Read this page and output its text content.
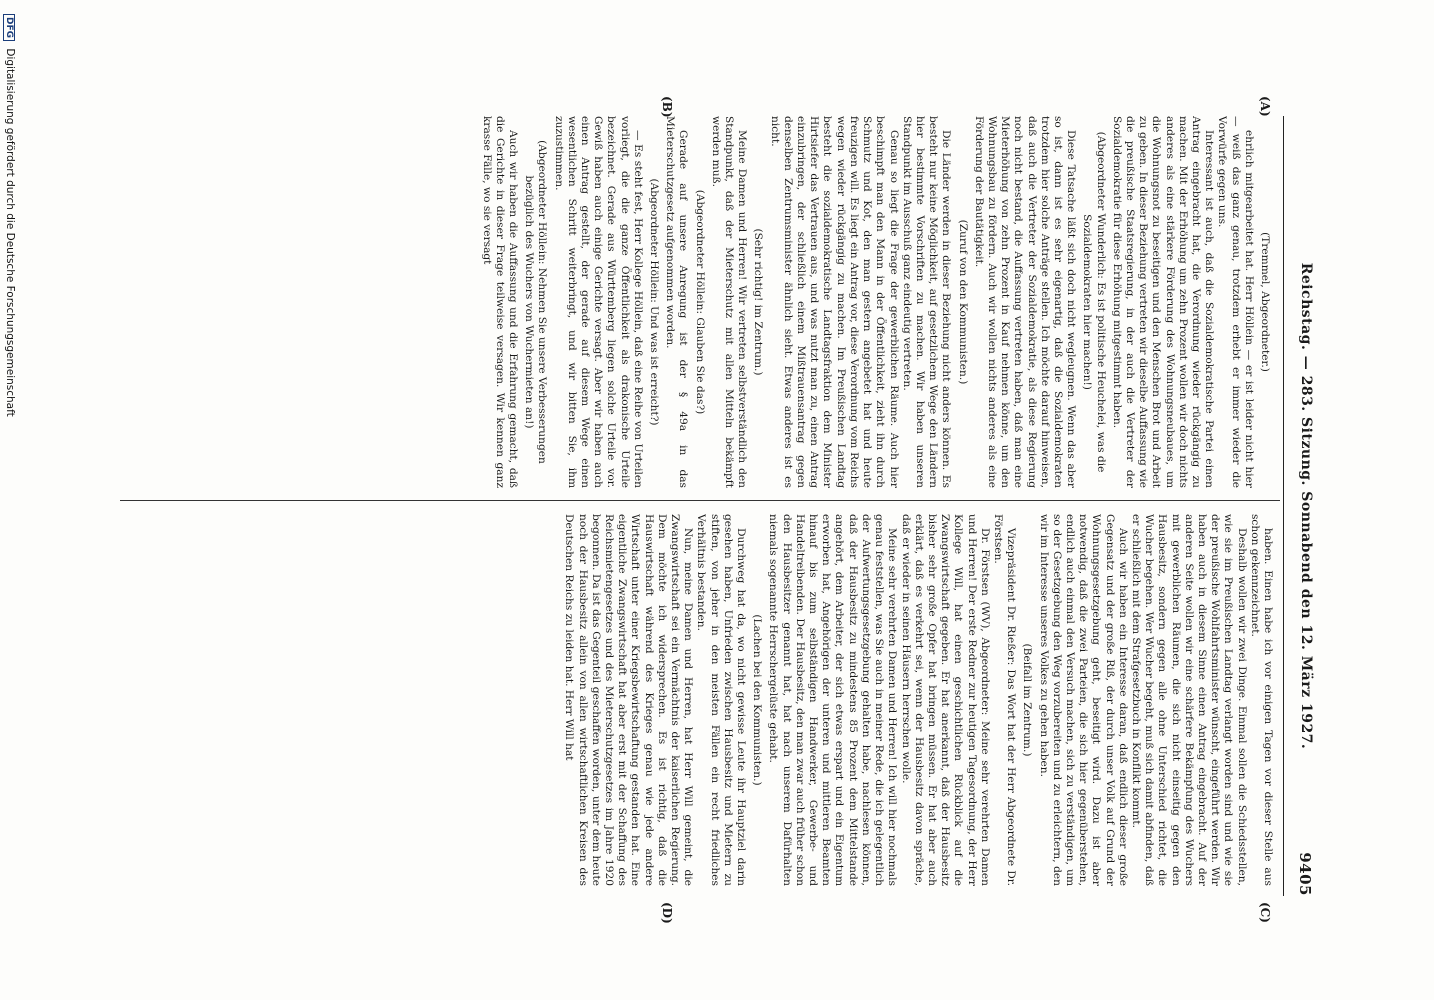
Reichstag. — 283. Sitzung. Sonnabend den 12. März 1927.
9405
(A)
(B)
(C)
(D)

(Tremmel, Abgeordneter.)

ehrlich mitgearbeitet hat. Herr Höllein — er ist leider nicht hier — weiß das ganz genau, trotzdem erhebt er immer wieder die Vorwürfe gegen uns.

Interessant ist auch, daß die Sozialdemokratische Partei einen Antrag eingebracht hat, die Verordnung wieder rückgängig zu machen. Mit der Erhöhung um zehn Prozent wollen wir doch nichts anderes als eine stärkere Förderung des Wohnungsneubaues, um die Wohnungsnot zu beseitigen und den Menschen Brot und Arbeit zu geben. In dieser Beziehung vertreten wir dieselbe Auffassung wie die preußische Staatsregierung, in der auch die Vertreter der Sozialdemokratie für diese Erhöhung mitgestimmt haben.

(Abgeordneter Wunderlich: Es ist politische Heuchelei, was die Sozialdemokraten hier machen!)

Diese Tatsache läßt sich doch nicht wegleugnen. Wenn das aber so ist, dann ist es sehr eigenartig, daß die Sozialdemokraten trotzdem hier solche Anträge stellen. Ich möchte darauf hinweisen, daß auch die Vertreter der Sozialdemokratie, als diese Regierung noch nicht bestand, die Auffassung vertreten haben, daß man eine Mieterhöhung von zehn Prozent in Kauf nehmen könne, um den Wohnungsbau zu fördern. Auch wir wollen nichts anderes als eine Förderung der Bautätigkeit.

(Zuruf von den Kommunisten.)

Die Länder werden in dieser Beziehung nicht anders können. Es besteht nur keine Möglichkeit, auf gesetzlichem Wege den Ländern hier bestimmte Vorschriften zu machen. Wir haben unseren Standpunkt im Ausschuß ganz eindeutig vertreten.

Genau so liegt die Frage der gewerblichen Räume. Auch hier beschimpft man den Mann in der Öffentlichkeit, zieht ihn durch Schmutz und Kot, den man gestern angebetet hat und heute freuzigen will. Es liegt ein Antrag vor, diese Verordnung vom Reichs wegen wieder rückgängig zu machen. Im Preußischen Landtag besteht die sozialdemokratische Landtagsfraktion dem Minister Hirtsiefer das Vertrauen aus, und was nutzt man zu, einen Antrag einzubringen, der schließlich einem Mißtrauensantrag gegen denselben Zentrumsminister ähnlich sieht. Etwas anderes ist es nicht.

(Sehr richtig! im Zentrum.)

Meine Damen und Herren! Wir vertreten selbstverständlich den Standpunkt, daß der Mieterschutz mit allen Mitteln bekämpft werden muß.

(Abgeordneter Höllein: Glauben Sie das?)

Gerade auf unsere Anregung ist der § 49a in das Mieterschutzgesetz aufgenommen worden.

(Abgeordneter Höllein: Und was ist erreicht?)

— Es steht fest, Herr Kollege Höllein, daß eine Reihe von Urteilen vorliegt, die die ganze Öffentlichkeit als drakonische Urteile bezeichnet. Gerade aus Württemberg liegen solche Urteile vor. Gewiß haben auch einige Gerichte versagt. Aber wir haben auch einen Antrag gestellt, der gerade auf diesem Wege einen wesentlichen Schritt weiterbringt, und wir bitten Sie, ihm zuzustimmen.

(Abgeordneter Höllein: Nehmen Sie unsere Verbesserungen bezüglich des Wuchers von Wuchermieten an!)

Auch wir haben die Auffassung und die Erfahrung gemacht, daß die Gerichte in dieser Frage teilweise versagen. Wir kennen ganz krasse Fälle, wo sie versagt

haben. Einen habe ich vor einigen Tagen vor dieser Stelle aus schon gekennzeichnet.

Deshalb wollen wir zwei Dinge. Einmal sollen die Schiedsstellen, wie sie im Preußischen Landtag verlangt worden sind und wie sie der preußische Wohlfahrtsminister wünscht, eingeführt werden. Wir haben auch in diesem Sinne einen Antrag eingebracht. Auf der anderen Seite wollen wir eine schärfere Bekämpfung des Wuchers mit gewerblichen Räumen, die sich nicht einseitig gegen den Hausbesitz, sondern gegen alle ohne Unterschied richtet, die Wucher begehen. Wer Wucher begeht, muß sich damit abfinden, daß er schließlich mit dem Strafgesetzbuch in Konflikt kommt.

Auch wir haben ein Interesse daran, daß endlich dieser große Gegensatz und der große Riß, der durch unser Volk auf Grund der Wohnungsgesetzgebung geht, beseitigt wird. Dazu ist aber notwendig, daß die zwei Parteien, die sich hier gegenüberstehen, endlich auch einmal den Versuch machen, sich zu verständigen, um so der Gesetzgebung den Weg vorzubereiten und zu erleichtern, den wir im Interesse unseres Volkes zu gehen haben.

(Beifall im Zentrum.)

Vizepräsident Dr. Rießer: Das Wort hat der Herr Abgeordnete Dr. Förstsen.

Dr. Förstsen (WV), Abgeordneter: Meine sehr verehrten Damen und Herren! Der erste Redner zur heutigen Tagesordnung, der Herr Kollege Will, hat einen geschichtlichen Rückblick auf die Zwangswirtschaft gegeben. Er hat anerkannt, daß der Hausbesitz bisher sehr große Opfer hat bringen müssen. Er hat aber auch erklärt, daß es verkehrt sei, wenn der Hausbesitz davon spräche, daß er wieder in seinen Häusern herrschen wolle.

Meine sehr verehrten Damen und Herren! Ich will hier nochmals genau feststellen, was Sie auch in meiner Rede, die ich gelegentlich der Aufwertungsgesetzgebung gehalten habe, nachlesen können, daß der Hausbesitz zu mindestens 85 Prozent dem Mittelstande angehört, dem Arbeiter, der sich etwas erspart und ein Eigentum erworben hat, Angehörigen der unteren und mittleren Beamten hinauf bis zum selbständigen Handwerker, Gewerbe- und Handeltreibenden. Der Hausbesitz, den man zwar auch früher schon den Hausbesitzer genannt hat, hat nach unserem Dafürhalten niemals sogenannte Herrschergelüste gehabt.

(Lachen bei den Kommunisten.)

Durchweg hat da, wo nicht gewisse Leute ihr Hauptziel darin gesehen haben, Unfrieden zwischen Hausbesitz und Mietern zu stiften, von jeher in den meisten Fällen ein recht friedliches Verhältnis bestanden.

Nun, meine Damen und Herren, hat Herr Will gemeint, die Zwangswirtschaft sei ein Vermächtnis der kaiserlichen Regierung. Dem möchte ich widersprechen. Es ist richtig, daß die Hauswirtschaft während des Krieges genau wie jede andere Wirtschaft unter einer Kriegsbewirtschaftung gestanden hat. Eine eigentliche Zwangswirtschaft hat aber erst mit der Schaffung des Reichsmietengesetzes und des Mieterschutzgesetzes im Jahre 1920 begonnen. Da ist das Gegenteil geschaffen worden, unter dem heute noch der Hausbesitz allein von allen wirtschaftlichen Kreisen des Deutschen Reichs zu leiden hat. Herr Will hat

DFG Digitalisierung gefördert durch die Deutsche Forschungsgemeinschaft
